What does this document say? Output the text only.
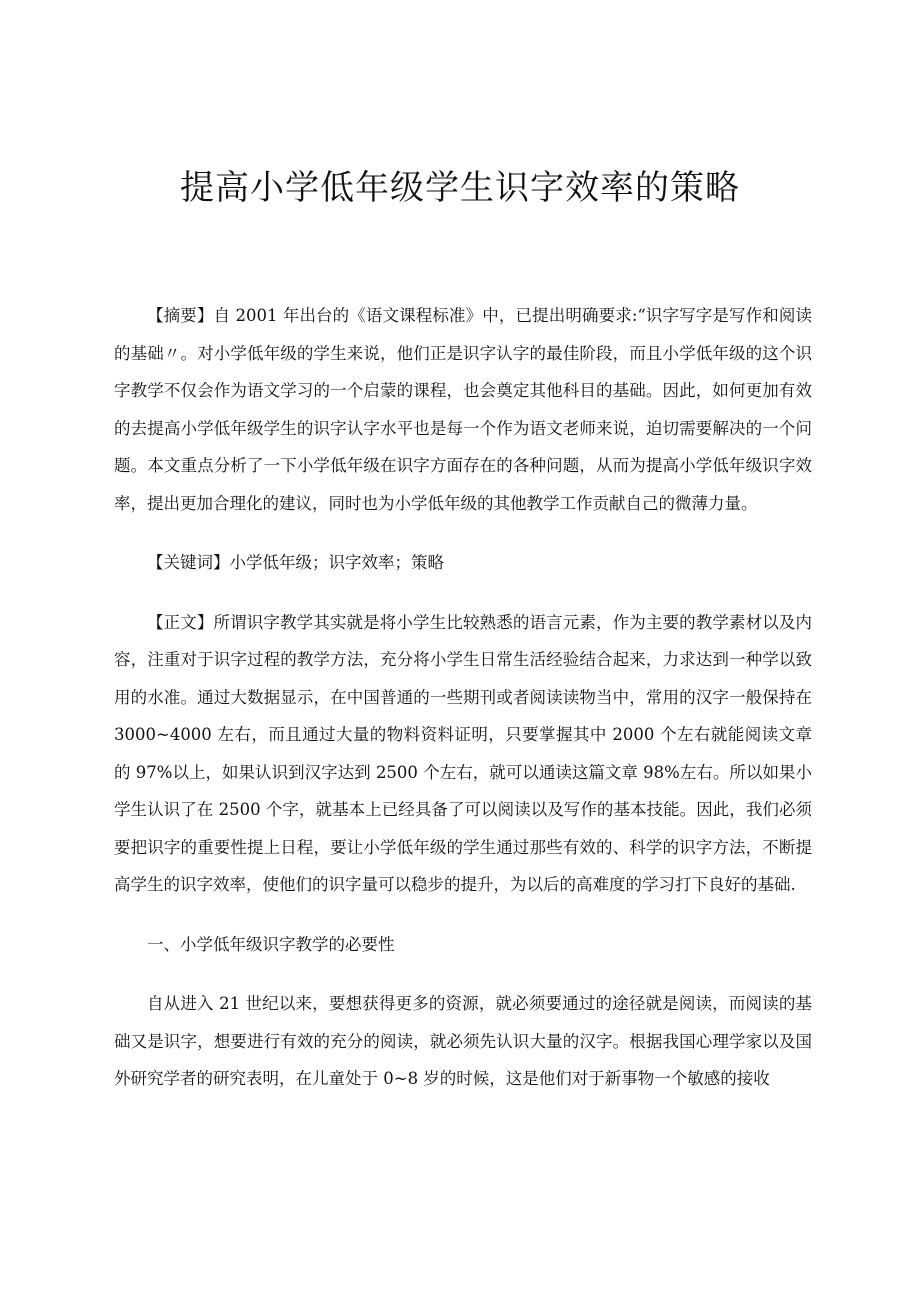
提高小学低年级学生识字效率的策略

【摘要】自 2001 年出台的《语文课程标准》中，已提出明确要求:“识字写字是写作和阅读的基础〃。对小学低年级的学生来说，他们正是识字认字的最佳阶段，而且小学低年级的这个识字教学不仅会作为语文学习的一个启蒙的课程，也会奠定其他科目的基础。因此，如何更加有效的去提高小学低年级学生的识字认字水平也是每一个作为语文老师来说，迫切需要解决的一个问题。本文重点分析了一下小学低年级在识字方面存在的各种问题，从而为提高小学低年级识字效率，提出更加合理化的建议，同时也为小学低年级的其他教学工作贡献自己的微薄力量。

【关键词】小学低年级；识字效率；策略

【正文】所谓识字教学其实就是将小学生比较熟悉的语言元素，作为主要的教学素材以及内容，注重对于识字过程的教学方法，充分将小学生日常生活经验结合起来，力求达到一种学以致用的水准。通过大数据显示，在中国普通的一些期刊或者阅读读物当中，常用的汉字一般保持在 3000~4000 左右，而且通过大量的物料资料证明，只要掌握其中 2000 个左右就能阅读文章的 97%以上，如果认识到汉字达到 2500 个左右，就可以通读这篇文章 98%左右。所以如果小学生认识了在 2500 个字，就基本上已经具备了可以阅读以及写作的基本技能。因此，我们必须要把识字的重要性提上日程，要让小学低年级的学生通过那些有效的、科学的识字方法，不断提高学生的识字效率，使他们的识字量可以稳步的提升，为以后的高难度的学习打下良好的基础.

一、小学低年级识字教学的必要性

自从进入 21 世纪以来，要想获得更多的资源，就必须要通过的途径就是阅读，而阅读的基础又是识字，想要进行有效的充分的阅读，就必须先认识大量的汉字。根据我国心理学家以及国外研究学者的研究表明，在儿童处于 0~8 岁的时候，这是他们对于新事物一个敏感的接收
